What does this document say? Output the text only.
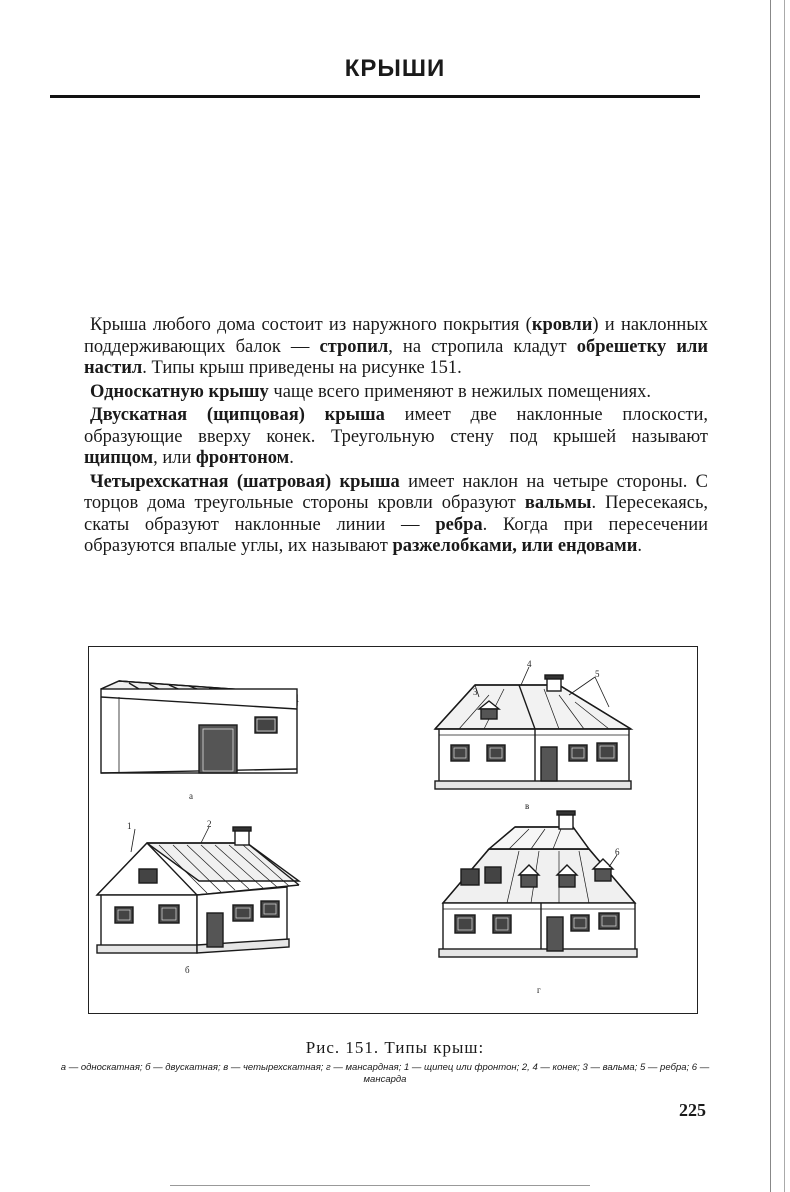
КРЫШИ

Крыша любого дома состоит из наружного покрытия (кровли) и наклонных поддерживающих балок — стропил, на стропила кладут обрешетку или настил. Типы крыш приведены на рисунке 151.

Односкатную крышу чаще всего применяют в нежилых помещениях.

Двускатная (щипцовая) крыша имеет две наклонные плоскости, образующие вверху конек. Треугольную стену под крышей называют щипцом, или фронтоном.

Четырехскатная (шатровая) крыша имеет наклон на четыре стороны. С торцов дома треугольные стороны кровли образуют вальмы. Пересекаясь, скаты образуют наклонные линии — ребра. Когда при пересечении образуются впалые углы, их называют разжелобками, или ендовами.

а
3
4
5
в
1	2
б
6
г
Рис. 151. Типы крыш:
а — односкатная; б — двускатная; в — четырехскатная; г — мансардная; 1 — щипец или фронтон; 2, 4 — конек; 3 — вальма; 5 — ребра; 6 — мансарда
225
